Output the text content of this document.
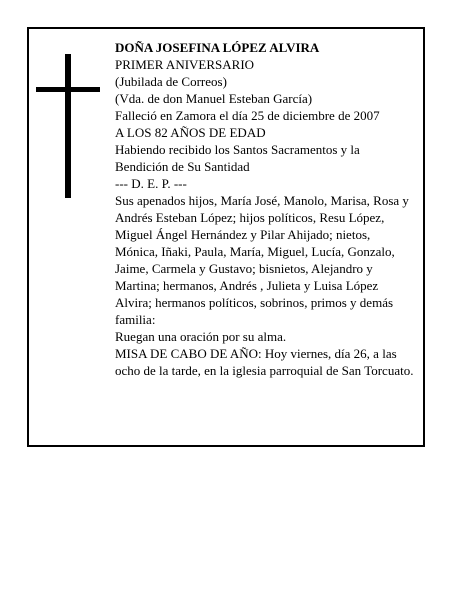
DOÑA JOSEFINA LÓPEZ ALVIRA

PRIMER ANIVERSARIO

(Jubilada de Correos)

(Vda. de don Manuel Esteban García)

Falleció en Zamora el día 25 de diciembre de 2007

A LOS 82 AÑOS DE EDAD

Habiendo recibido los Santos Sacramentos y la Bendición de Su Santidad

--- D. E. P. ---

Sus apenados hijos, María José, Manolo, Marisa, Rosa y Andrés Esteban López; hijos políticos, Resu López, Miguel Ángel Hernández y Pilar Ahijado; nietos, Mónica, Iñaki, Paula, María, Miguel, Lucía, Gonzalo, Jaime, Carmela y Gustavo; bisnietos, Alejandro y Martina; hermanos, Andrés , Julieta y Luisa López Alvira; hermanos políticos, sobrinos, primos y demás familia:

Ruegan una oración por su alma.

MISA DE CABO DE AÑO: Hoy viernes, día 26, a las ocho de la tarde, en la iglesia parroquial de San Torcuato.
